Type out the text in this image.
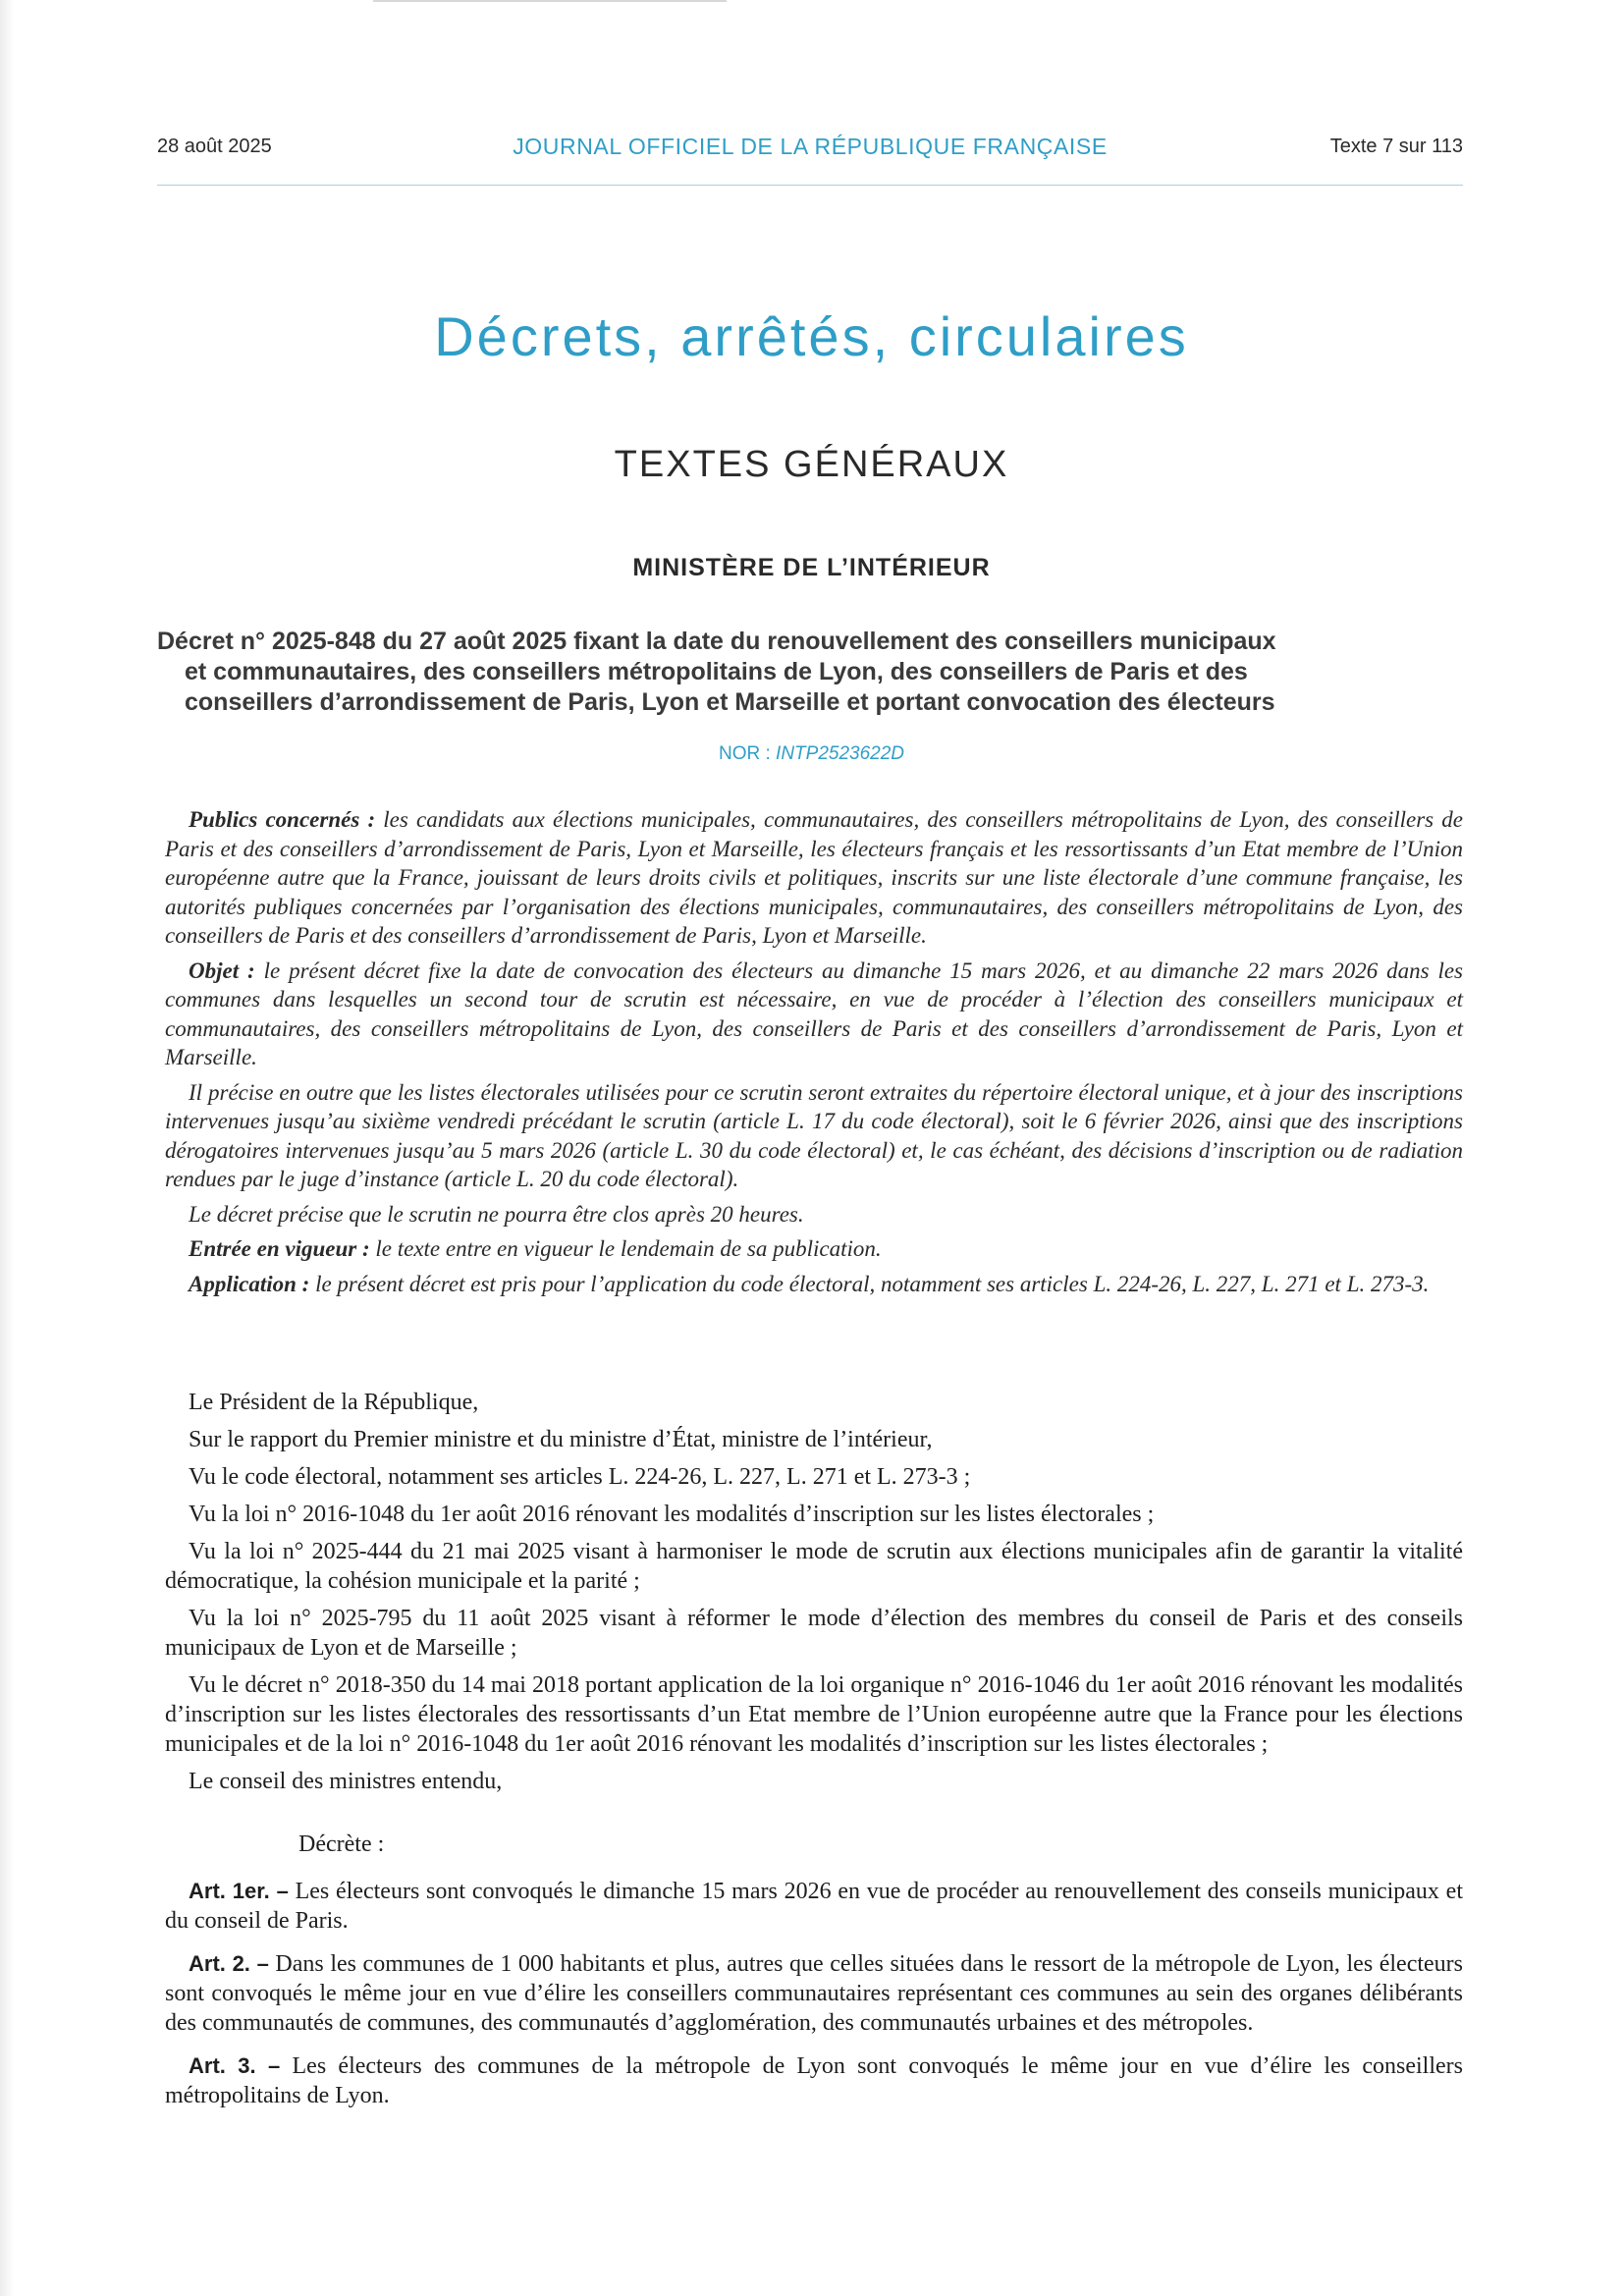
28 août 2025	JOURNAL OFFICIEL DE LA RÉPUBLIQUE FRANÇAISE	Texte 7 sur 113
Décrets, arrêtés, circulaires
TEXTES GÉNÉRAUX
MINISTÈRE DE L’INTÉRIEUR
Décret n° 2025-848 du 27 août 2025 fixant la date du renouvellement des conseillers municipaux
et communautaires, des conseillers métropolitains de Lyon, des conseillers de Paris et des
conseillers d’arrondissement de Paris, Lyon et Marseille et portant convocation des électeurs
NOR : INTP2523622D

Publics concernés : les candidats aux élections municipales, communautaires, des conseillers métropolitains de Lyon, des conseillers de Paris et des conseillers d’arrondissement de Paris, Lyon et Marseille, les électeurs français et les ressortissants d’un Etat membre de l’Union européenne autre que la France, jouissant de leurs droits civils et politiques, inscrits sur une liste électorale d’une commune française, les autorités publiques concernées par l’organisation des élections municipales, communautaires, des conseillers métropolitains de Lyon, des conseillers de Paris et des conseillers d’arrondissement de Paris, Lyon et Marseille.

Objet : le présent décret fixe la date de convocation des électeurs au dimanche 15 mars 2026, et au dimanche 22 mars 2026 dans les communes dans lesquelles un second tour de scrutin est nécessaire, en vue de procéder à l’élection des conseillers municipaux et communautaires, des conseillers métropolitains de Lyon, des conseillers de Paris et des conseillers d’arrondissement de Paris, Lyon et Marseille.

Il précise en outre que les listes électorales utilisées pour ce scrutin seront extraites du répertoire électoral unique, et à jour des inscriptions intervenues jusqu’au sixième vendredi précédant le scrutin (article L. 17 du code électoral), soit le 6 février 2026, ainsi que des inscriptions dérogatoires intervenues jusqu’au 5 mars 2026 (article L. 30 du code électoral) et, le cas échéant, des décisions d’inscription ou de radiation rendues par le juge d’instance (article L. 20 du code électoral).

Le décret précise que le scrutin ne pourra être clos après 20 heures.

Entrée en vigueur : le texte entre en vigueur le lendemain de sa publication.

Application : le présent décret est pris pour l’application du code électoral, notamment ses articles L. 224-26, L. 227, L. 271 et L. 273-3.

Le Président de la République,

Sur le rapport du Premier ministre et du ministre d’État, ministre de l’intérieur,

Vu le code électoral, notamment ses articles L. 224-26, L. 227, L. 271 et L. 273-3 ;

Vu la loi n° 2016-1048 du 1er août 2016 rénovant les modalités d’inscription sur les listes électorales ;

Vu la loi n° 2025-444 du 21 mai 2025 visant à harmoniser le mode de scrutin aux élections municipales afin de garantir la vitalité démocratique, la cohésion municipale et la parité ;

Vu la loi n° 2025-795 du 11 août 2025 visant à réformer le mode d’élection des membres du conseil de Paris et des conseils municipaux de Lyon et de Marseille ;

Vu le décret n° 2018-350 du 14 mai 2018 portant application de la loi organique n° 2016-1046 du 1er août 2016 rénovant les modalités d’inscription sur les listes électorales des ressortissants d’un Etat membre de l’Union européenne autre que la France pour les élections municipales et de la loi n° 2016-1048 du 1er août 2016 rénovant les modalités d’inscription sur les listes électorales ;

Le conseil des ministres entendu,

Décrète :

Art. 1er. – Les électeurs sont convoqués le dimanche 15 mars 2026 en vue de procéder au renouvellement des conseils municipaux et du conseil de Paris.

Art. 2. – Dans les communes de 1 000 habitants et plus, autres que celles situées dans le ressort de la métropole de Lyon, les électeurs sont convoqués le même jour en vue d’élire les conseillers communautaires représentant ces communes au sein des organes délibérants des communautés de communes, des communautés d’agglomération, des communautés urbaines et des métropoles.

Art. 3. – Les électeurs des communes de la métropole de Lyon sont convoqués le même jour en vue d’élire les conseillers métropolitains de Lyon.
